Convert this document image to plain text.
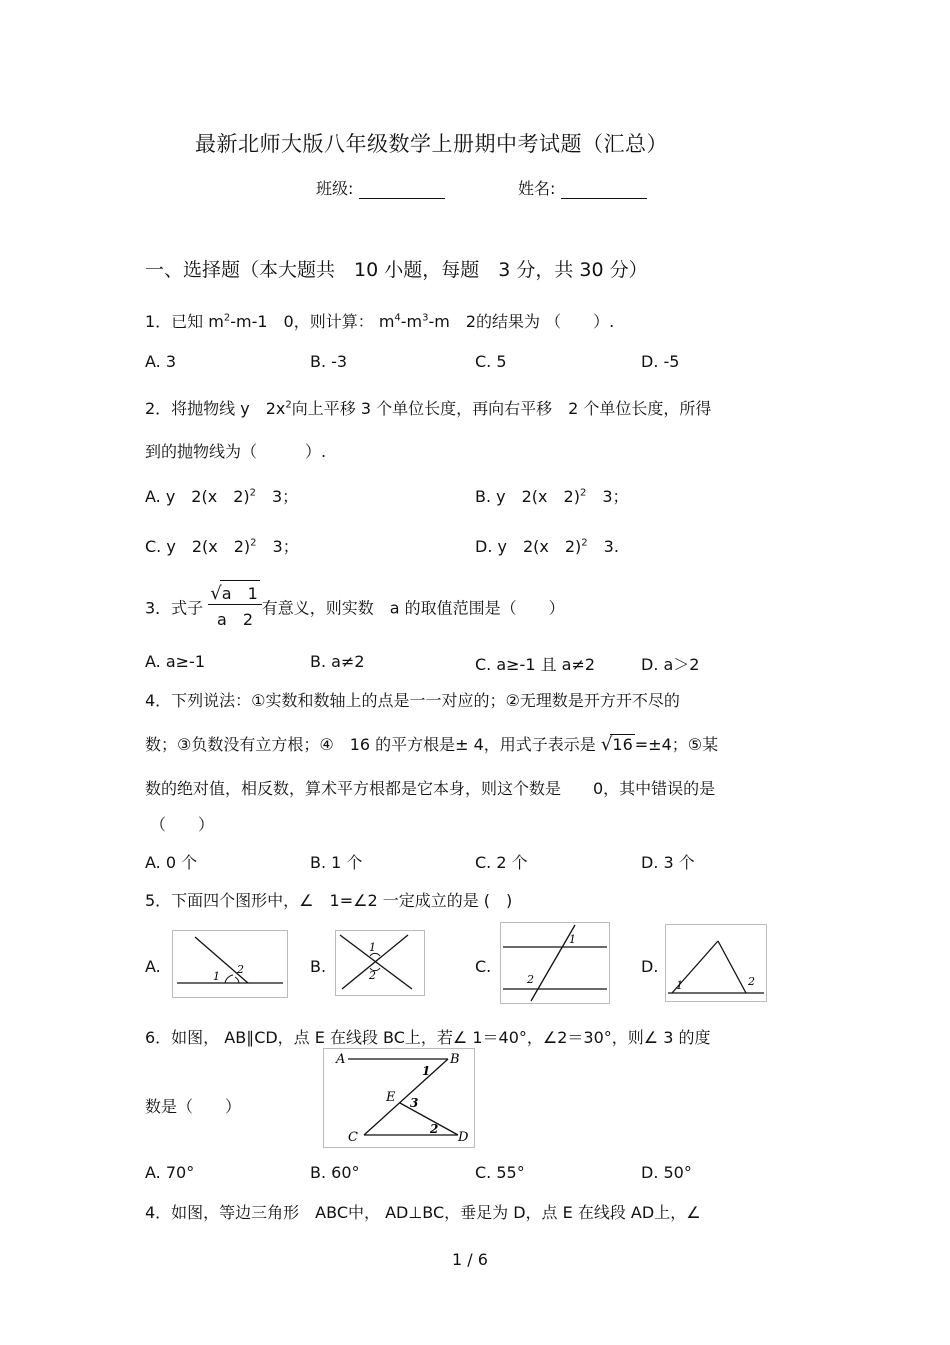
最新北师大版八年级数学上册期中考试题（汇总）
班级:	姓名:
一、选择题（本大题共　10 小题，每题　3 分，共 30 分）
1．已知 $m^2-m-1$　0，则计算： $m^4-m^3-m$　2的结果为 （　　）.
A. 3	B. -3	C. 5	D. -5
2．将抛物线 y　$2x^2$向上平移 3 个单位长度，再向右平移　2 个单位长度，所得
到的抛物线为（　　　）.
A. y　2(x　2)$^2$　3；	B. y　2(x　2)$^2$　3；
C. y　2(x　2)$^2$　3；	D. y　2(x　2)$^2$　3.
3．式子 $\frac{√a 1}{a 2}$ 有意义，则实数　a 的取值范围是（　　）
A. a≥-1	B. a≠2	C. a≥-1 且 a≠2	D. a＞2
4．下列说法：①实数和数轴上的点是一一对应的；②无理数是开方开不尽的
数；③负数没有立方根；④　16 的平方根是± 4，用式子表示是 √16 =±4；⑤某
数的绝对值，相反数，算术平方根都是它本身，则这个数是　　0，其中错误的是
（　　）
A. 0 个	B. 1 个	C. 2 个	D. 3 个
5．下面四个图形中，∠　1=∠2 一定成立的是 (　)
A.	B.	C.	D.
1
2
1
2
1
2	1	2
6．如图， AB∥CD，点 E 在线段 BC上，若∠ 1＝40°，∠2＝30°，则∠ 3 的度
数是（　　）
A	B
C	D
E
1
3
2
A. 70°	B. 60°	C. 55°	D. 50°
4．如图，等边三角形　ABC中， AD⊥BC，垂足为 D，点 E 在线段 AD上，∠
1 / 6
